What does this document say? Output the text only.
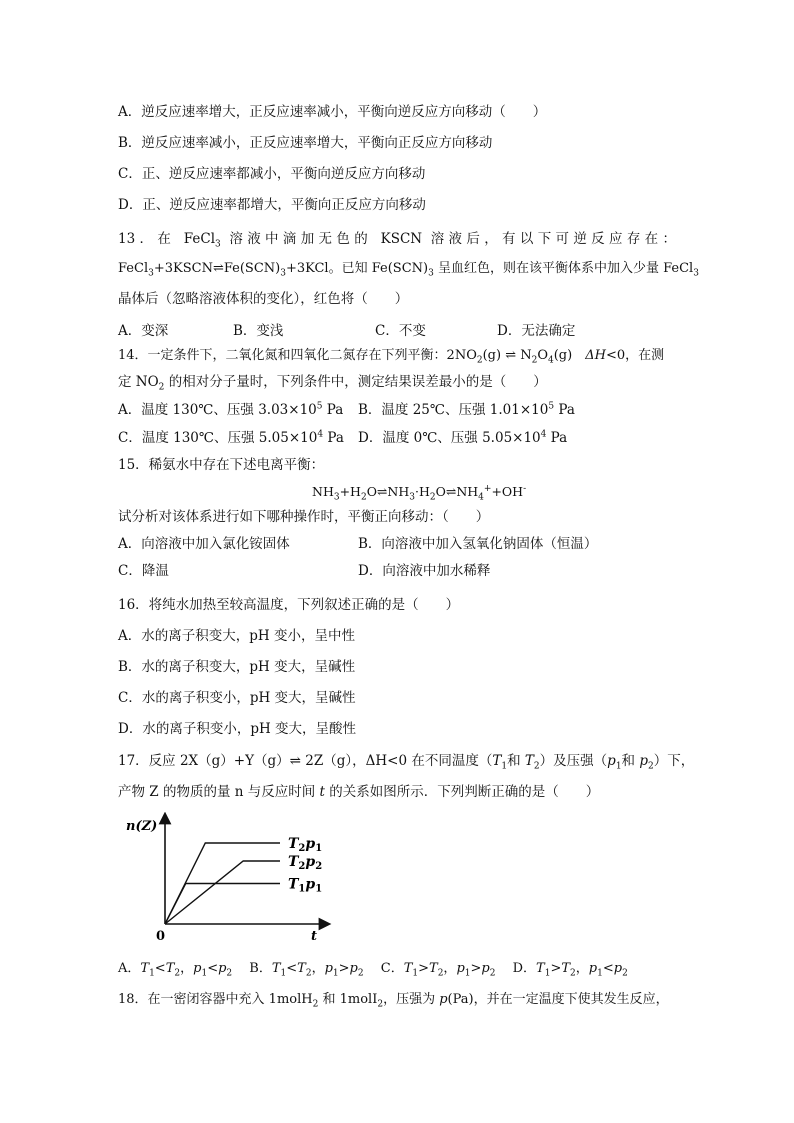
A．逆反应速率增大，正反应速率减小，平衡向逆反应方向移动（　　）
B．逆反应速率减小，正反应速率增大，平衡向正反应方向移动
C．正、逆反应速率都减小，平衡向逆反应方向移动
D．正、逆反应速率都增大，平衡向正反应方向移动
13．在 FeCl$_3$ 溶液中滴加无色的 KSCN 溶液后，有以下可逆反应存在：
$FeCl_3+3KSCN\rightleftharpoons Fe(SCN)_3+3KCl$。已知 $Fe(SCN)_3$ 呈血红色，则在该平衡体系中加入少量 FeCl$_3$
晶体后（忽略溶液体积的变化），红色将（　　）
A．变深	B．变浅	C．不变	D．无法确定
14．一定条件下，二氧化氮和四氧化二氮存在下列平衡：$2NO_2(g)$ ⇌ $N_2O_4(g)$　ΔH<0，在测
定 $NO_2$ 的相对分子量时，下列条件中，测定结果误差最小的是（　　）
A．温度 130℃、压强 $3.03\times 10^5$ Pa B．温度 25℃、压强 $1.01\times 10^5$ Pa
C．温度 130℃、压强 $5.05\times 10^4$ Pa D．温度 0℃、压强 $5.05\times 10^4$ Pa
15．稀氨水中存在下述电离平衡：
$NH_3+H_2O\rightleftharpoons NH_3\cdot H_2O\rightleftharpoons NH_4^++OH^-$
试分析对该体系进行如下哪种操作时，平衡正向移动：（　　）
A．向溶液中加入氯化铵固体	B．向溶液中加入氢氧化钠固体（恒温）
C．降温	D．向溶液中加水稀释
16．将纯水加热至较高温度，下列叙述正确的是（　　）
A．水的离子积变大，pH 变小，呈中性
B．水的离子积变大，pH 变大，呈碱性
C．水的离子积变小，pH 变大，呈碱性
D．水的离子积变小，pH 变大，呈酸性
17．反应 2X（g）+Y（g）⇌ 2Z（g），ΔH<0 在不同温度（$T_1$和 $T_2$）及压强（$p_1$和 $p_2$）下，
产物 Z 的物质的量 n 与反应时间 t 的关系如图所示．下列判断正确的是（　　）
n(Z)
t
0
$T_2p_1$
$T_2p_2$
$T_1p_1$
A．$T_1<T_2$，$p_1<p_2$　 B．$T_1<T_2$，$p_1>p_2$　 C．$T_1>T_2$，$p_1>p_2$　 D．$T_1>T_2$，$p_1<p_2$
18．在一密闭容器中充入 1molH$_2$ 和 1molI$_2$，压强为 p(Pa)，并在一定温度下使其发生反应，
